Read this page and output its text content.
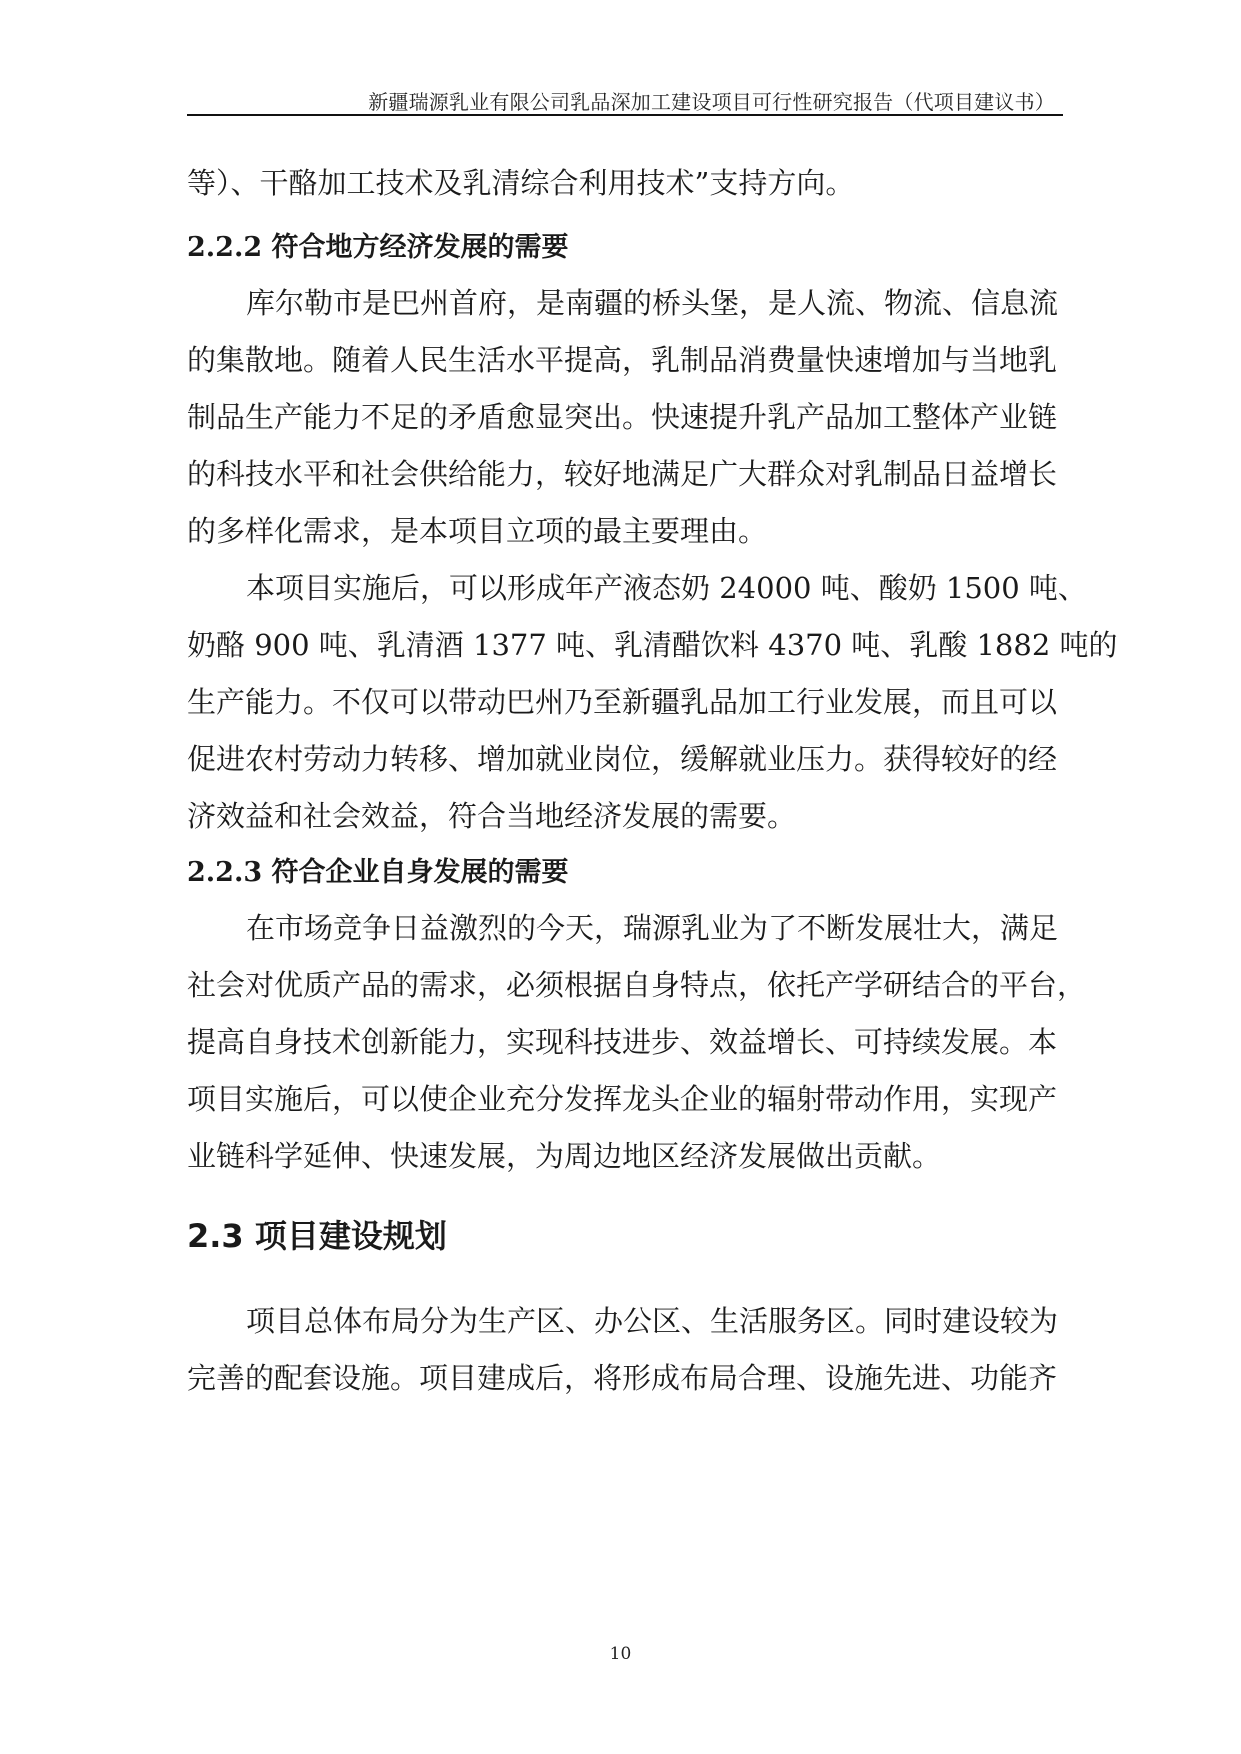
新疆瑞源乳业有限公司乳品深加工建设项目可行性研究报告（代项目建议书）
等）、干酪加工技术及乳清综合利用技术”支持方向。
2.2.2 符合地方经济发展的需要
库尔勒市是巴州首府，是南疆的桥头堡，是人流、物流、信息流
的集散地。随着人民生活水平提高，乳制品消费量快速增加与当地乳
制品生产能力不足的矛盾愈显突出。快速提升乳产品加工整体产业链
的科技水平和社会供给能力，较好地满足广大群众对乳制品日益增长
的多样化需求，是本项目立项的最主要理由。
本项目实施后，可以形成年产液态奶 24000 吨、酸奶 1500 吨、
奶酪 900 吨、乳清酒 1377 吨、乳清醋饮料 4370 吨、乳酸 1882 吨的
生产能力。不仅可以带动巴州乃至新疆乳品加工行业发展，而且可以
促进农村劳动力转移、增加就业岗位，缓解就业压力。获得较好的经
济效益和社会效益，符合当地经济发展的需要。
2.2.3 符合企业自身发展的需要
在市场竞争日益激烈的今天，瑞源乳业为了不断发展壮大，满足
社会对优质产品的需求，必须根据自身特点，依托产学研结合的平台，
提高自身技术创新能力，实现科技进步、效益增长、可持续发展。本
项目实施后，可以使企业充分发挥龙头企业的辐射带动作用，实现产
业链科学延伸、快速发展，为周边地区经济发展做出贡献。
2.3 项目建设规划
项目总体布局分为生产区、办公区、生活服务区。同时建设较为
完善的配套设施。项目建成后，将形成布局合理、设施先进、功能齐
10
